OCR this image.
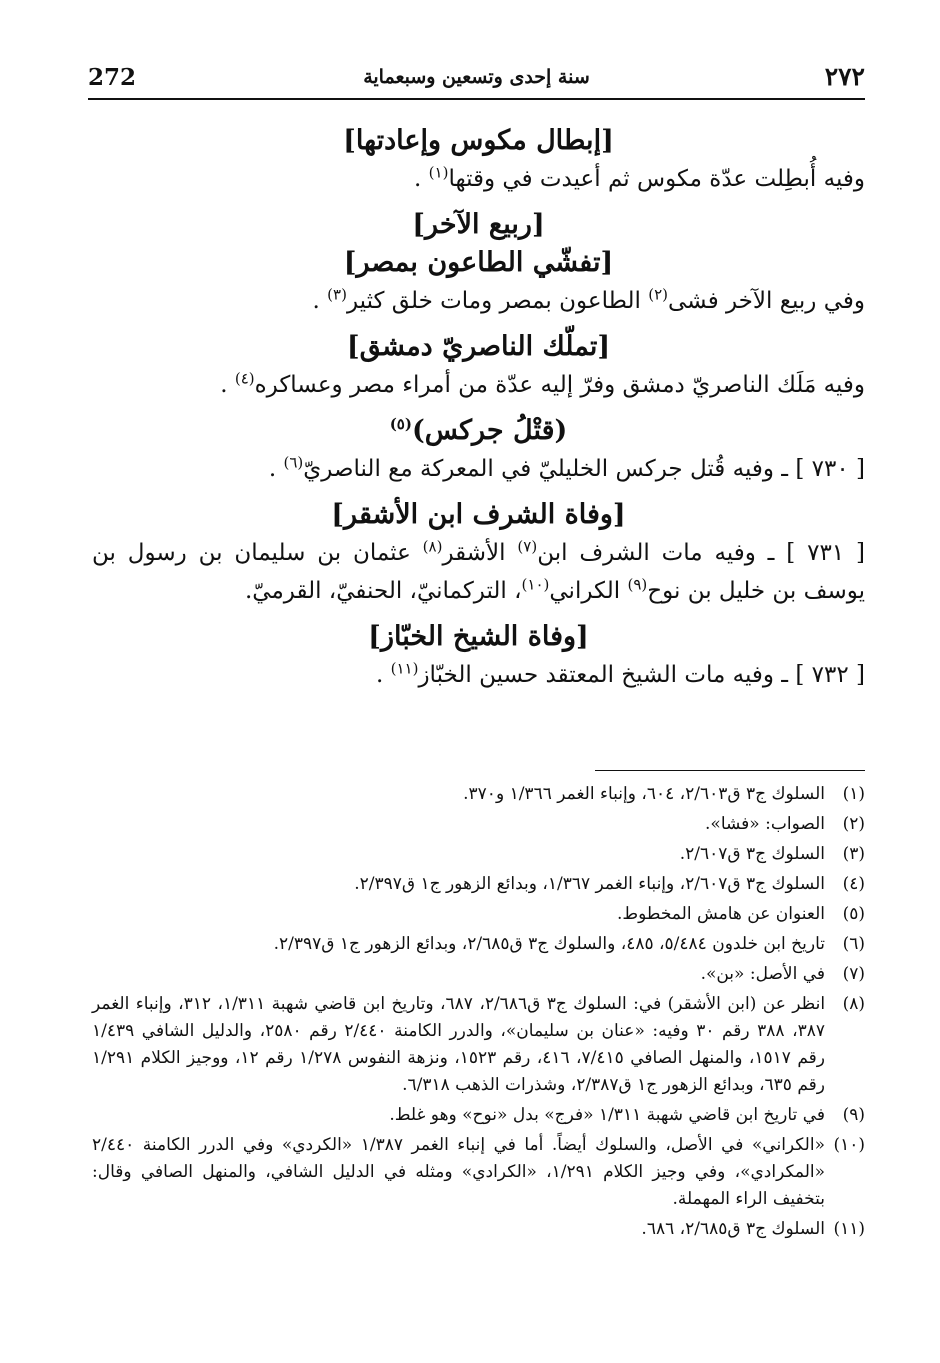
272	سنة إحدى وتسعين وسبعماية	٢٧٢
[إبطال مكوس وإعادتها]

وفيه أُبطِلت عدّة مكوس ثم أعيدت في وقتها$^{(١)}$ .

[ربيع الآخر]
[تفشّي الطاعون بمصر]

وفي ربيع الآخر فشى$^{(٢)}$ الطاعون بمصر ومات خلق كثير$^{(٣)}$ .

[تملّك الناصريّ دمشق]

وفيه مَلَك الناصريّ دمشق وفرّ إليه عدّة من أمراء مصر وعساكره$^{(٤)}$ .

(قتْلُ جركس)$^{(٥)}$

[ ٧٣٠ ] ـ وفيه قُتل جركس الخليليّ في المعركة مع الناصريّ$^{(٦)}$ .

[وفاة الشرف ابن الأشقر]

[ ٧٣١ ] ـ وفيه مات الشرف ابن$^{(٧)}$ الأشقر$^{(٨)}$ عثمان بن سليمان بن رسول بن يوسف بن خليل بن نوح$^{(٩)}$ الكراني$^{(١٠)}$، التركمانيّ، الحنفيّ، القرميّ.

[وفاة الشيخ الخبّاز]

[ ٧٣٢ ] ـ وفيه مات الشيخ المعتقد حسين الخبّاز$^{(١١)}$ .

(١)
السلوك ج٣ ق٢/٦٠٣، ٦٠٤، وإنباء الغمر ١/٣٦٦ و٣٧٠.
(٢)
الصواب: «فشا».
(٣)
السلوك ج٣ ق٢/٦٠٧.
(٤)
السلوك ج٣ ق٢/٦٠٧، وإنباء الغمر ١/٣٦٧، وبدائع الزهور ج١ ق٢/٣٩٧.
(٥)
العنوان عن هامش المخطوط.
(٦)
تاريخ ابن خلدون ٥/٤٨٤، ٤٨٥، والسلوك ج٣ ق٢/٦٨٥، وبدائع الزهور ج١ ق٢/٣٩٧.
(٧)
في الأصل: «بن».
(٨)
انظر عن (ابن الأشقر) في: السلوك ج٣ ق٢/٦٨٦، ٦٨٧، وتاريخ ابن قاضي شهبة ١/٣١١، ٣١٢، وإنباء الغمر ٣٨٧، ٣٨٨ رقم ٣٠ وفيه: «عنان بن سليمان»، والدرر الكامنة ٢/٤٤٠ رقم ٢٥٨٠، والدليل الشافي ١/٤٣٩ رقم ١٥١٧، والمنهل الصافي ٧/٤١٥، ٤١٦، رقم ١٥٢٣، ونزهة النفوس ١/٢٧٨ رقم ١٢، ووجيز الكلام ١/٢٩١ رقم ٦٣٥، وبدائع الزهور ج١ ق٢/٣٨٧، وشذرات الذهب ٦/٣١٨.
(٩)
في تاريخ ابن قاضي شهبة ١/٣١١ «فرج» بدل «نوح» وهو غلط.
(١٠)
«الكراني» في الأصل، والسلوك أيضاً. أما في إنباء الغمر ١/٣٨٧ «الكردي» وفي الدرر الكامنة ٢/٤٤٠ «المكرادي»، وفي وجيز الكلام ١/٢٩١، «الكرادي» ومثله في الدليل الشافي، والمنهل الصافي وقال: بتخفيف الراء المهملة.
(١١)
السلوك ج٣ ق٢/٦٨٥، ٦٨٦.
